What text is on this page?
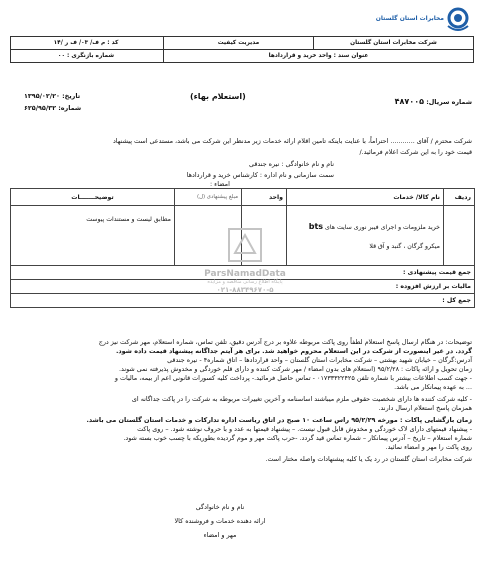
مخابرات استان گلستان
شرکت مخابرات استان گلستان
مدیریت کیفیت
کد : م ف/ ۰۳/ ف ر /۱۴
عنوان سند : واحد خرید و قراردادها
شماره بازنگری : ۰۰
شماره سریال: ۴۸۷۰۰۵
(استعلام بهاء)
تاریخ: ۱۳۹۵/۰۲/۲۰
شماره: ۶۲۵/۹۵/۳۲
شرکت محترم / آقای ............ احتراماً، با عنایت باینکه تامین اقلام ارائه خدمات زیر مدنظر این شرکت می باشد، مستدعی است پیشنهاد
قیمت خود را به این شرکت اعلام فرمائید./
نام و نام خانوادگی : نیره جندقی
سمت سازمانی و نام اداره : کارشناس خرید و قراردادها
امضاء :
ردیف	نام کالا/ خدمات	واحد	مبلغ پیشنهادی (ل)	توضیحـــــــات

	خرید ملزومات و اجرای فیبر نوری سایت های bts
میکرو گرگان ، گنبد و آق قلا			مطابق لیست و مستندات پیوست
جمع قیمت پیشنهادی :				
مالیات بر ارزش افزوده :				
جمع کل :				
ParsNamadData
پایگاه اطلاع رسانی مناقصه و مزایده
۰۲۱-۸۸۳۴۹۶۷۰-۵
توضیحات: در هنگام ارسال پاسخ استعلام لطفاً روی پاکت مربوطه علاوه بر درج آدرس دقیق، تلفن تماس، شماره استعلام، مهر شرکت نیز درج
گردد. در غیر اینصورت از شرکت در این استعلام محروم خواهید شد. برای هر آیتم جداگانه پیشنهاد قیمت داده شود.
آدرس:گرگان – خیابان شهید بهشتی – شرکت مخابرات استان گلستان – واحد قراردادها – اتاق شماره۴ - نیره جندقی
زمان تحویل و ارائه پاکات : ۹۵/۲/۲۸ (استعلام های بدون امضاء / مهر شرکت کننده و دارای قلم خوردگی و مخدوش پذیرفته نمی شوند.
- جهت کسب اطلاعات بیشتر با شماره تلفن ۰۱۷۳۳۳۲۲۴۲۵ - تماس حاصل فرمائید.- پرداخت کلیه کسورات قانونی اعم از بیمه، مالیات و
... به عهده پیمانکار می باشد.
- کلیه شرکت کننده ها دارای شخصیت حقوقی ملزم میباشند اساسنامه و آخرین تغییرات مربوطه به شرکت را در پاکت جداگانه ای
همزمان پاسخ استعلام ارسال دارند.
زمان بازگشایی پاکات : مورخه ۹۵/۲/۲۹ راس ساعت ۱۰ صبح در اتاق ریاست اداره تدارکات و خدمات استان گلستان می باشد.
- پیشنهاد قیمتهای دارای لاک خوردگی و مخدوش قابل قبول نیست. – پیشنهاد قیمتها به عدد و با حروف نوشته شود. – روی پاکت
شماره استعلام – تاریخ – آدرس پیمانکار – شماره تماس قید گردد. -حرب پاکت مهر و موم گردیده بطوریکه با چسب خوب بسته شود.
روی پاکت را مهر و امضاء نمائید.
شرکت مخابرات استان گلستان در رد یک یا کلیه پیشنهادات واصله مختار است.
نام و نام خانوادگی
ارائه دهنده خدمات و فروشنده کالا
مهر و امضاء
